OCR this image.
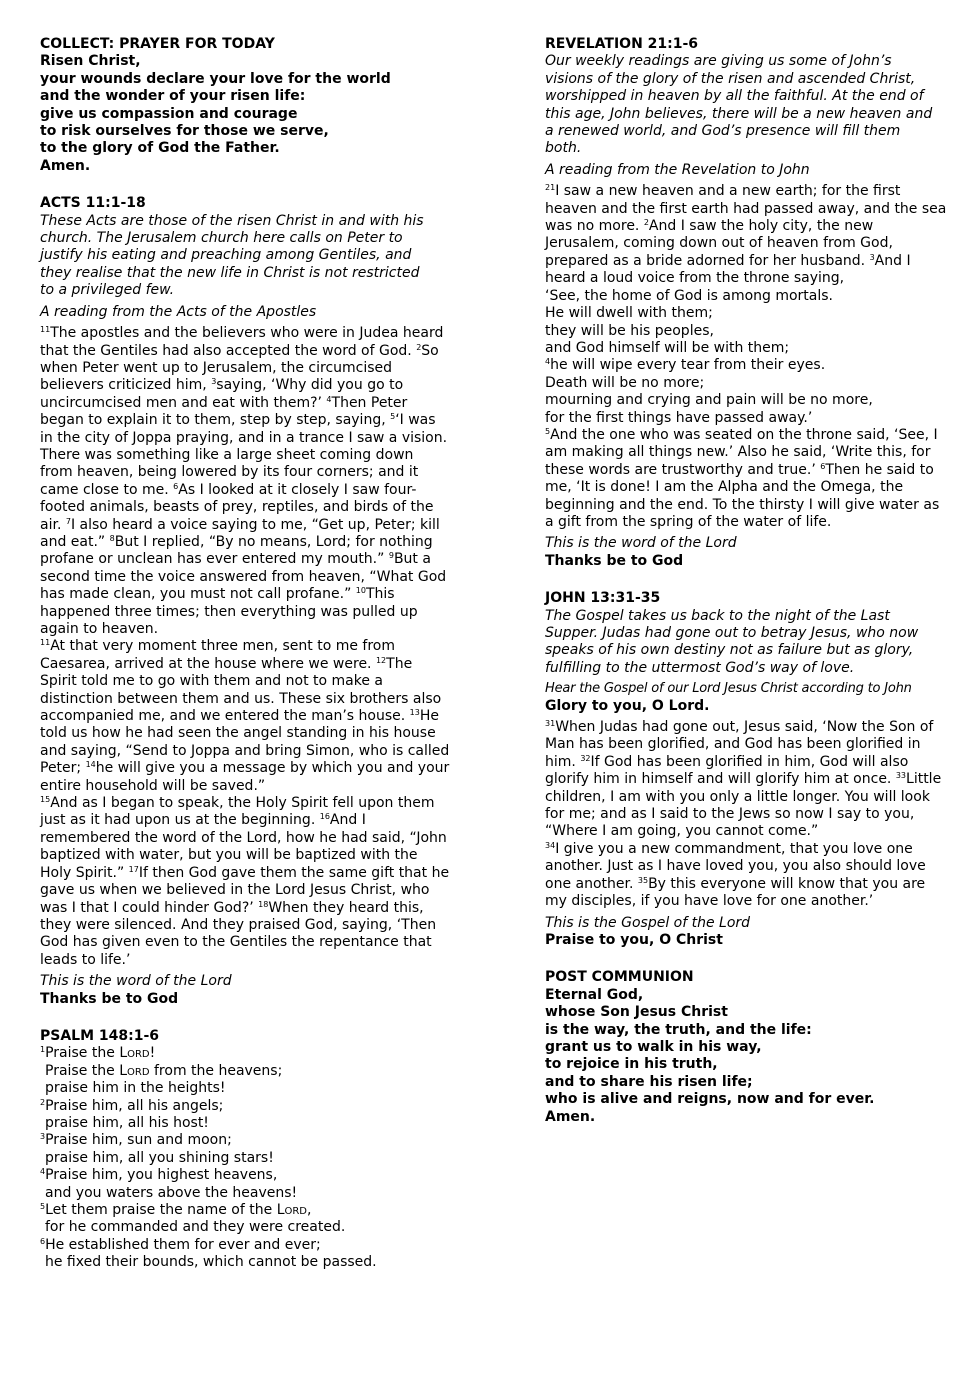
COLLECT: PRAYER FOR TODAY
Risen Christ,
your wounds declare your love for the world
and the wonder of your risen life:
give us compassion and courage
to risk ourselves for those we serve,
to the glory of God the Father.
Amen.
ACTS 11:1-18
These Acts are those of the risen Christ in and with his
church. The Jerusalem church here calls on Peter to
justify his eating and preaching among Gentiles, and
they realise that the new life in Christ is not restricted
to a privileged few.
A reading from the Acts of the Apostles
$^{11}$The apostles and the believers who were in Judea heard that the Gentiles had also accepted the word of God. $^2$So when Peter went up to Jerusalem, the circumcised believers criticized him, $^3$saying, ‘Why did you go to uncircumcised men and eat with them?’ $^4$Then Peter began to explain it to them, step by step, saying, $^5$‘I was in the city of Joppa praying, and in a trance I saw a vision. There was something like a large sheet coming down from heaven, being lowered by its four corners; and it came close to me. $^6$As I looked at it closely I saw four-footed animals, beasts of prey, reptiles, and birds of the air. $^7$I also heard a voice saying to me, “Get up, Peter; kill and eat.” $^8$But I replied, “By no means, Lord; for nothing profane or unclean has ever entered my mouth.” $^9$But a second time the voice answered from heaven, “What God has made clean, you must not call profane.” $^{10}$This happened three times; then everything was pulled up again to heaven.
$^{11}$At that very moment three men, sent to me from Caesarea, arrived at the house where we were. $^{12}$The Spirit told me to go with them and not to make a distinction between them and us. These six brothers also accompanied me, and we entered the man’s house. $^{13}$He told us how he had seen the angel standing in his house and saying, “Send to Joppa and bring Simon, who is called Peter; $^{14}$he will give you a message by which you and your entire household will be saved.”
$^{15}$And as I began to speak, the Holy Spirit fell upon them just as it had upon us at the beginning. $^{16}$And I remembered the word of the Lord, how he had said, “John baptized with water, but you will be baptized with the Holy Spirit.” $^{17}$If then God gave them the same gift that he gave us when we believed in the Lord Jesus Christ, who was I that I could hinder God?’ $^{18}$When they heard this, they were silenced. And they praised God, saying, ‘Then God has given even to the Gentiles the repentance that leads to life.’
This is the word of the Lord
Thanks be to God
PSALM 148:1-6
$^1$Praise the Lord!
Praise the Lord from the heavens;
praise him in the heights!
$^2$Praise him, all his angels;
praise him, all his host!
$^3$Praise him, sun and moon;
praise him, all you shining stars!
$^4$Praise him, you highest heavens,
and you waters above the heavens!
$^5$Let them praise the name of the Lord,
for he commanded and they were created.
$^6$He established them for ever and ever;
he fixed their bounds, which cannot be passed.
REVELATION 21:1-6
Our weekly readings are giving us some of John’s
visions of the glory of the risen and ascended Christ,
worshipped in heaven by all the faithful. At the end of
this age, John believes, there will be a new heaven and
a renewed world, and God’s presence will fill them
both.
A reading from the Revelation to John
$^{21}$I saw a new heaven and a new earth; for the first heaven and the first earth had passed away, and the sea was no more. $^2$And I saw the holy city, the new Jerusalem, coming down out of heaven from God, prepared as a bride adorned for her husband. $^3$And I heard a loud voice from the throne saying,
‘See, the home of God is among mortals.
He will dwell with them;
they will be his peoples,
and God himself will be with them;
$^4$he will wipe every tear from their eyes.
Death will be no more;
mourning and crying and pain will be no more,
for the first things have passed away.’
$^5$And the one who was seated on the throne said, ‘See, I am making all things new.’ Also he said, ‘Write this, for these words are trustworthy and true.’ $^6$Then he said to me, ‘It is done! I am the Alpha and the Omega, the beginning and the end. To the thirsty I will give water as a gift from the spring of the water of life.
This is the word of the Lord
Thanks be to God
JOHN 13:31-35
The Gospel takes us back to the night of the Last
Supper. Judas had gone out to betray Jesus, who now
speaks of his own destiny not as failure but as glory,
fulfilling to the uttermost God’s way of love.
Hear the Gospel of our Lord Jesus Christ according to John
Glory to you, O Lord.
$^{31}$When Judas had gone out, Jesus said, ‘Now the Son of Man has been glorified, and God has been glorified in him. $^{32}$If God has been glorified in him, God will also glorify him in himself and will glorify him at once. $^{33}$Little children, I am with you only a little longer. You will look for me; and as I said to the Jews so now I say to you, “Where I am going, you cannot come.”
$^{34}$I give you a new commandment, that you love one another. Just as I have loved you, you also should love one another. $^{35}$By this everyone will know that you are my disciples, if you have love for one another.’
This is the Gospel of the Lord
Praise to you, O Christ
POST COMMUNION
Eternal God,
whose Son Jesus Christ
is the way, the truth, and the life:
grant us to walk in his way,
to rejoice in his truth,
and to share his risen life;
who is alive and reigns, now and for ever.
Amen.
